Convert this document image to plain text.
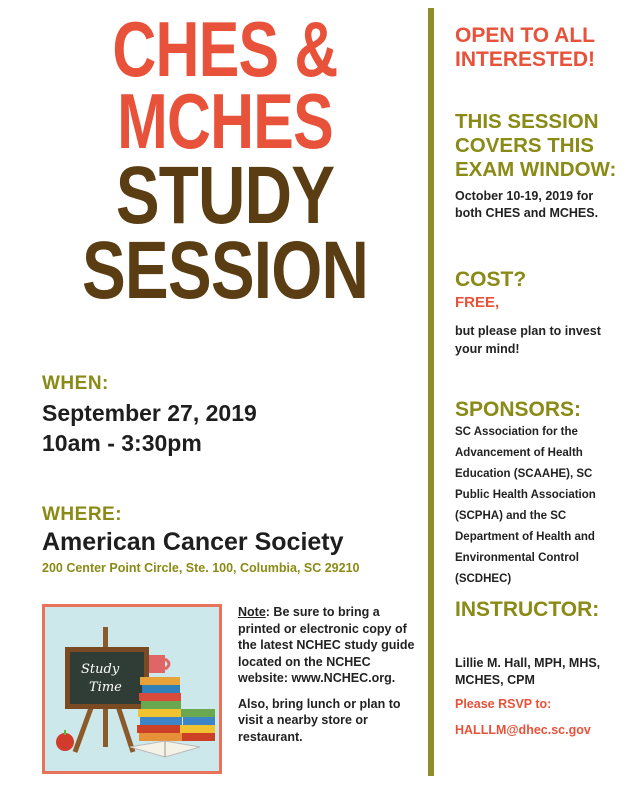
CHES &
MCHES
STUDY
SESSION
WHEN:
September 27, 2019
10am - 3:30pm
WHERE:
American Cancer Society
200 Center Point Circle, Ste. 100, Columbia, SC 29210
Study
Time

Note: Be sure to bring a printed or electronic copy of the latest NCHEC study guide located on the NCHEC website: www.NCHEC.org.

Also, bring lunch or plan to visit a nearby store or restaurant.

OPEN TO ALL INTERESTED!
THIS SESSION COVERS THIS EXAM WINDOW:
October 10-19, 2019 for both CHES and MCHES.
COST?
FREE,
but please plan to invest your mind!
SPONSORS:
SC Association for the Advancement of Health Education (SCAAHE), SC Public Health Association (SCPHA) and the SC Department of Health and Environmental Control (SCDHEC)
INSTRUCTOR:
Lillie M. Hall, MPH, MHS, MCHES, CPM
Please RSVP to:
HALLLM@dhec.sc.gov
